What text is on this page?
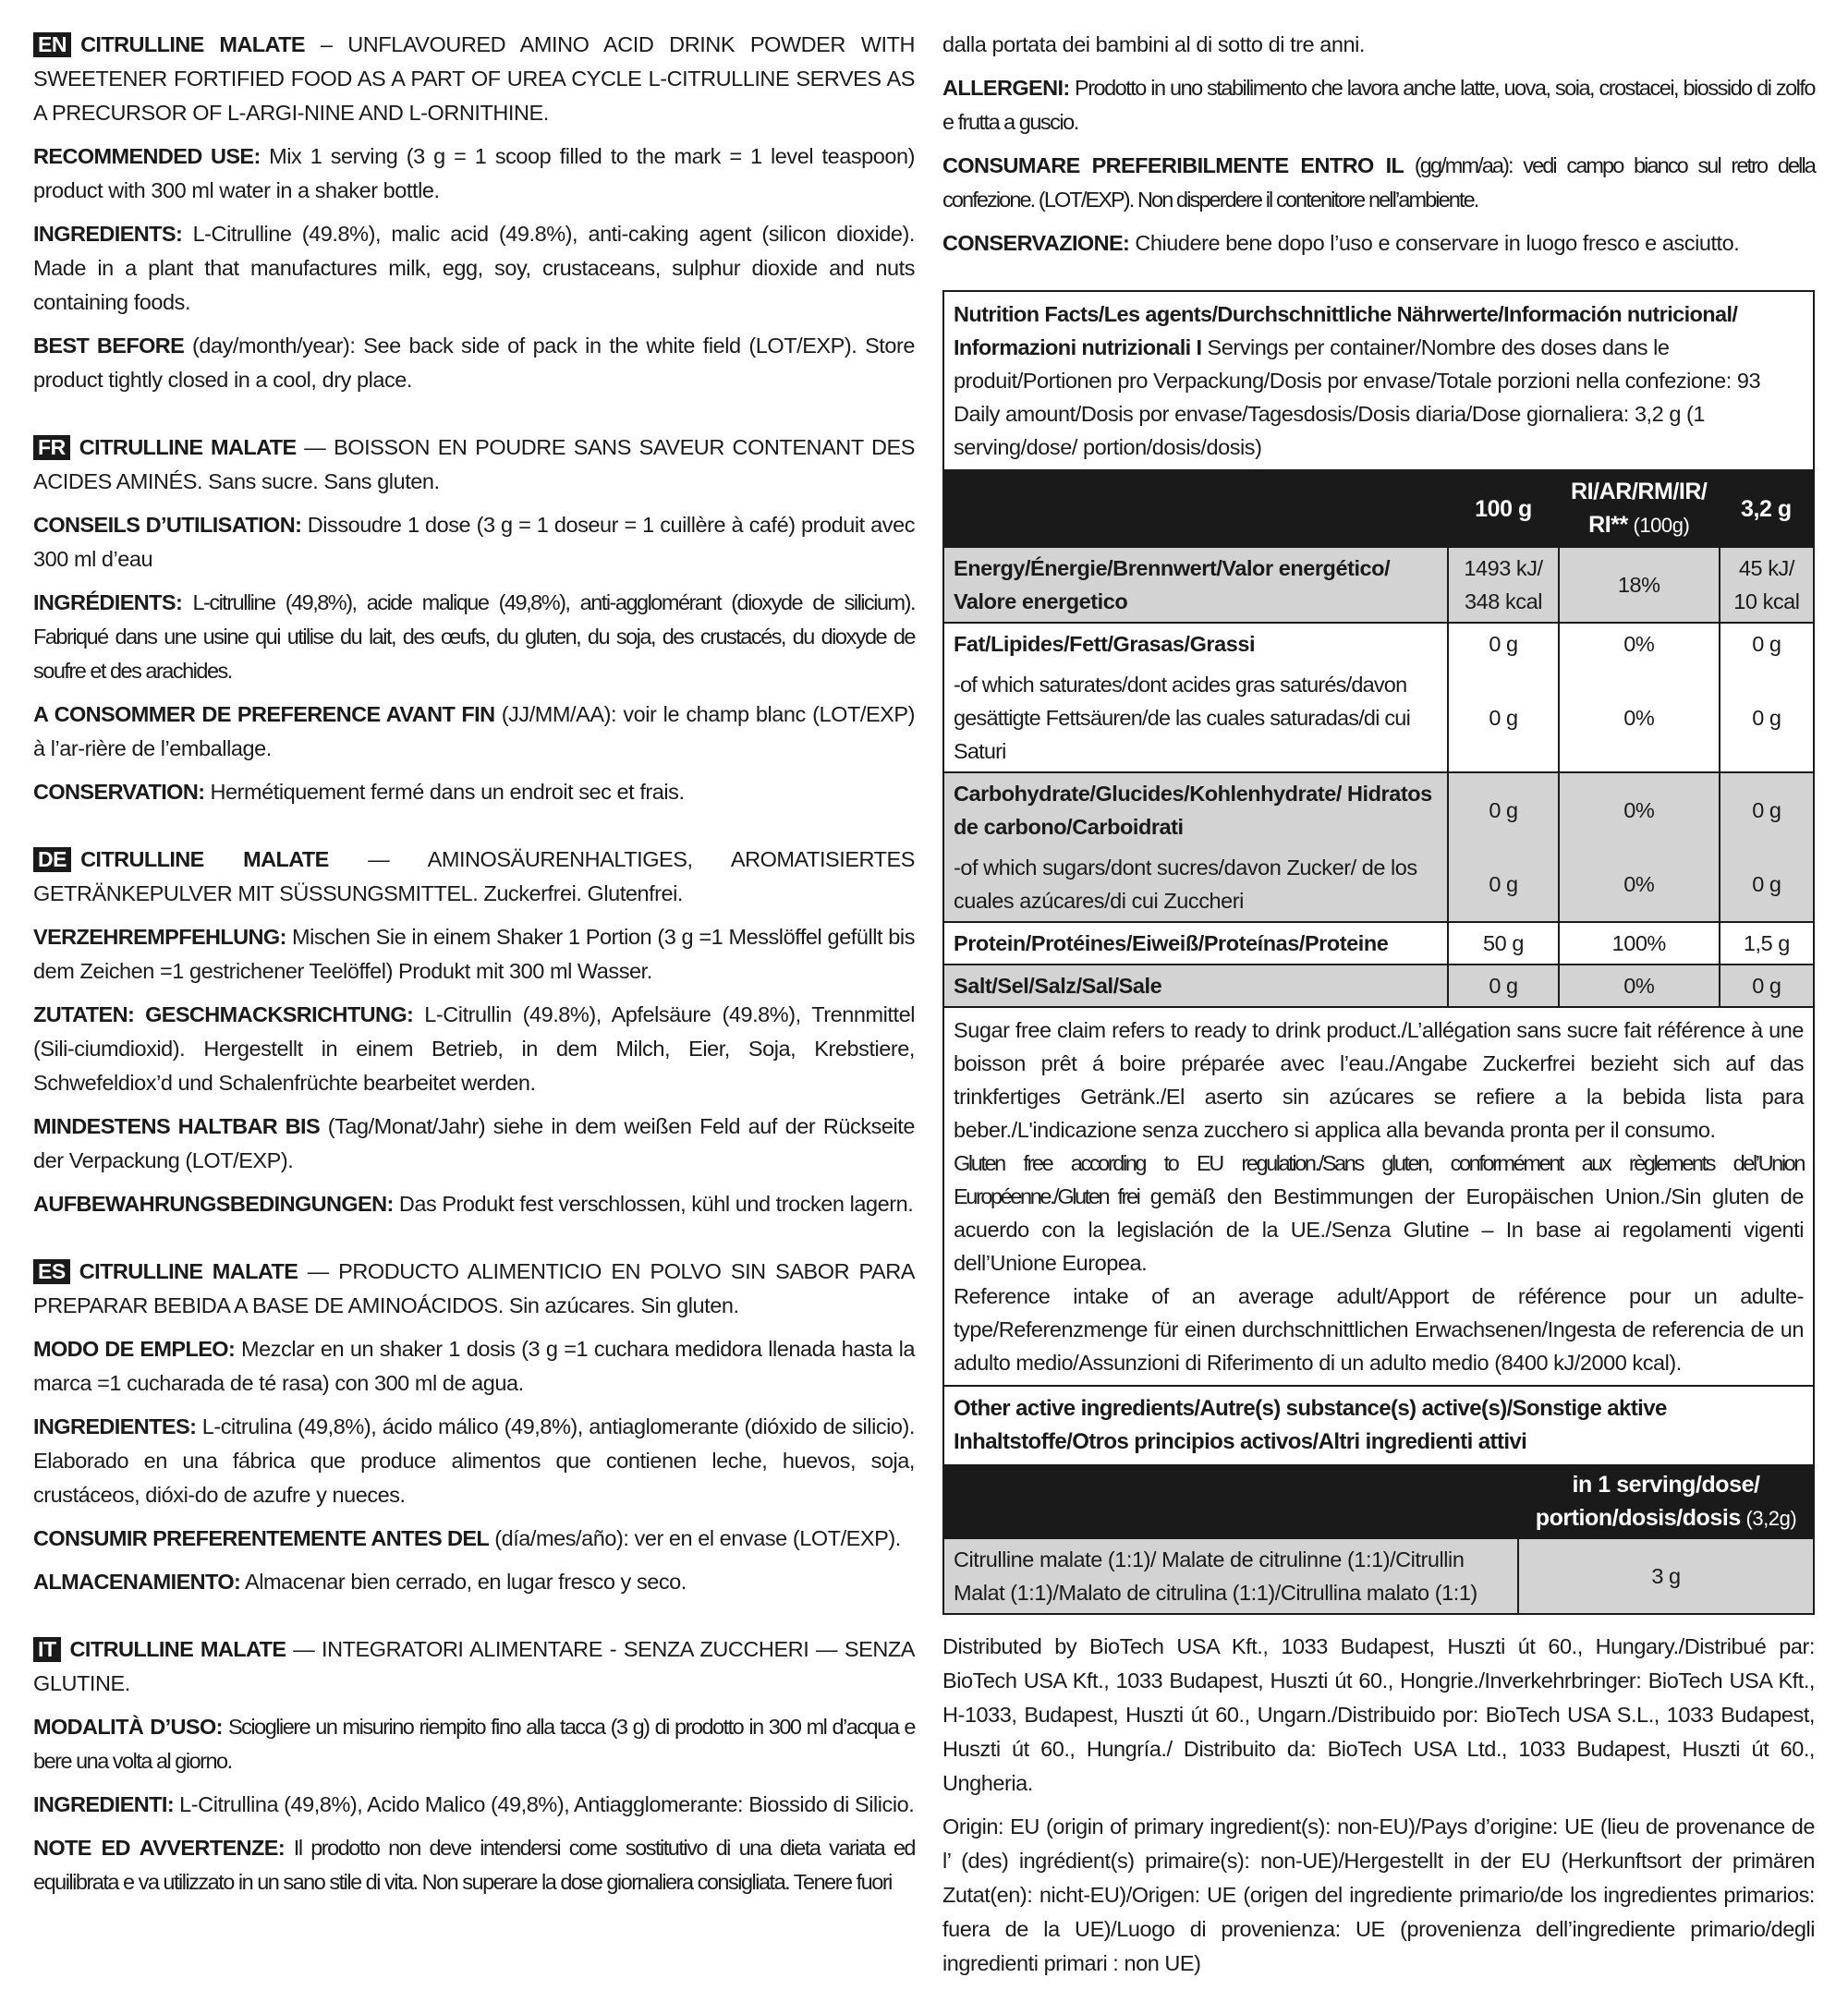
EN CITRULLINE MALATE – UNFLAVOURED AMINO ACID DRINK POWDER WITH SWEETENER FORTIFIED FOOD AS A PART OF UREA CYCLE L-CITRULLINE SERVES AS A PRECURSOR OF L-ARGI-NINE AND L-ORNITHINE.

RECOMMENDED USE: Mix 1 serving (3 g = 1 scoop filled to the mark = 1 level teaspoon) product with 300 ml water in a shaker bottle.

INGREDIENTS: L-Citrulline (49.8%), malic acid (49.8%), anti-caking agent (silicon dioxide). Made in a plant that manufactures milk, egg, soy, crustaceans, sulphur dioxide and nuts containing foods.

BEST BEFORE (day/month/year): See back side of pack in the white field (LOT/EXP). Store product tightly closed in a cool, dry place.

FR CITRULLINE MALATE — BOISSON EN POUDRE SANS SAVEUR CONTENANT DES ACIDES AMINÉS. Sans sucre. Sans gluten.

CONSEILS D’UTILISATION: Dissoudre 1 dose (3 g = 1 doseur = 1 cuillère à café) produit avec 300 ml d’eau

INGRÉDIENTS: L-citrulline (49,8%), acide malique (49,8%), anti-agglomérant (dioxyde de silicium). Fabriqué dans une usine qui utilise du lait, des œufs, du gluten, du soja, des crustacés, du dioxyde de soufre et des arachides.

A CONSOMMER DE PREFERENCE AVANT FIN (JJ/MM/AA): voir le champ blanc (LOT/EXP) à l’ar-rière de l’emballage.

CONSERVATION: Hermétiquement fermé dans un endroit sec et frais.

DE CITRULLINE MALATE — AMINOSÄURENHALTIGES, AROMATISIERTES GETRÄNKEPULVER MIT SÜSSUNGSMITTEL. Zuckerfrei. Glutenfrei.

VERZEHREMPFEHLUNG: Mischen Sie in einem Shaker 1 Portion (3 g =1 Messlöffel gefüllt bis dem Zeichen =1 gestrichener Teelöffel) Produkt mit 300 ml Wasser.

ZUTATEN: GESCHMACKSRICHTUNG: L-Citrullin (49.8%), Apfelsäure (49.8%), Trennmittel (Sili-ciumdioxid). Hergestellt in einem Betrieb, in dem Milch, Eier, Soja, Krebstiere, Schwefeldiox’d und Schalenfrüchte bearbeitet werden.

MINDESTENS HALTBAR BIS (Tag/Monat/Jahr) siehe in dem weißen Feld auf der Rückseite der Verpackung (LOT/EXP).

AUFBEWAHRUNGSBEDINGUNGEN: Das Produkt fest verschlossen, kühl und trocken lagern.

ES CITRULLINE MALATE — PRODUCTO ALIMENTICIO EN POLVO SIN SABOR PARA PREPARAR BEBIDA A BASE DE AMINOÁCIDOS. Sin azúcares. Sin gluten.

MODO DE EMPLEO: Mezclar en un shaker 1 dosis (3 g =1 cuchara medidora llenada hasta la marca =1 cucharada de té rasa) con 300 ml de agua.

INGREDIENTES: L-citrulina (49,8%), ácido málico (49,8%), antiaglomerante (dióxido de silicio). Elaborado en una fábrica que produce alimentos que contienen leche, huevos, soja, crustáceos, dióxi-do de azufre y nueces.

CONSUMIR PREFERENTEMENTE ANTES DEL (día/mes/año): ver en el envase (LOT/EXP).

ALMACENAMIENTO: Almacenar bien cerrado, en lugar fresco y seco.

IT CITRULLINE MALATE — INTEGRATORI ALIMENTARE - SENZA ZUCCHERI — SENZA GLUTINE.

MODALITÀ D’USO: Sciogliere un misurino riempito fino alla tacca (3 g) di prodotto in 300 ml d’acqua e bere una volta al giorno.

INGREDIENTI: L-Citrullina (49,8%), Acido Malico (49,8%), Antiagglomerante: Biossido di Silicio.

NOTE ED AVVERTENZE: Il prodotto non deve intendersi come sostitutivo di una dieta variata ed equilibrata e va utilizzato in un sano stile di vita. Non superare la dose giornaliera consigliata. Tenere fuori

dalla portata dei bambini al di sotto di tre anni.

ALLERGENI: Prodotto in uno stabilimento che lavora anche latte, uova, soia, crostacei, biossido di zolfo e frutta a guscio.

CONSUMARE PREFERIBILMENTE ENTRO IL (gg/mm/aa): vedi campo bianco sul retro della confezione. (LOT/EXP). Non disperdere il contenitore nell’ambiente.

CONSERVAZIONE: Chiudere bene dopo l’uso e conservare in luogo fresco e asciutto.

Nutrition Facts/Les agents/Durchschnittliche Nährwerte/Información nutricional/ Informazioni nutrizionali I Servings per container/Nombre des doses dans le produit/Portionen pro Verpackung/Dosis por envase/Totale porzioni nella confezione: 93
Daily amount/Dosis por envase/Tagesdosis/Dosis diaria/Dose giornaliera: 3,2 g (1 serving/dose/ portion/dosis/dosis)
	100 g	RI/AR/RM/IR/ RI** (100g)	3,2 g
Energy/Énergie/Brennwert/Valor energético/ Valore energetico	1493 kJ/ 348 kcal	18%	45 kJ/ 10 kcal
Fat/Lipides/Fett/Grasas/Grassi	0 g	0%	0 g
-of which saturates/dont acides gras saturés/davon gesättigte Fettsäuren/de las cuales saturadas/di cui Saturi	0 g	0%	0 g
Carbohydrate/Glucides/Kohlenhydrate/ Hidratos de carbono/Carboidrati	0 g	0%	0 g
-of which sugars/dont sucres/davon Zucker/ de los cuales azúcares/di cui Zuccheri	0 g	0%	0 g
Protein/Protéines/Eiweiß/Proteínas/Proteine	50 g	100%	1,5 g
Salt/Sel/Salz/Sal/Sale	0 g	0%	0 g
Sugar free claim refers to ready to drink product./L’allégation sans sucre fait référence à une boisson prêt á boire préparée avec l’eau./Angabe Zuckerfrei bezieht sich auf das trinkfertiges Getränk./El aserto sin azúcares se refiere a la bebida lista para beber./L'indicazione senza zucchero si applica alla bevanda pronta per il consumo.
Gluten free according to EU regulation./Sans gluten, conformément aux règlements del’Union Européenne./Gluten frei gemäß den Bestimmungen der Europäischen Union./Sin gluten de acuerdo con la legislación de la UE./Senza Glutine – In base ai regolamenti vigenti dell’Unione Europea.
Reference intake of an average adult/Apport de référence pour un adulte-type/Referenzmenge für einen durchschnittlichen Erwachsenen/Ingesta de referencia de un adulto medio/Assunzioni di Riferimento di un adulto medio (8400 kJ/2000 kcal).
Other active ingredients/Autre(s) substance(s) active(s)/Sonstige aktive Inhaltstoffe/Otros principios activos/Altri ingredienti attivi
	in 1 serving/dose/ portion/dosis/dosis (3,2g)
Citrulline malate (1:1)/ Malate de citrulinne (1:1)/Citrullin Malat (1:1)/Malato de citrulina (1:1)/Citrullina malato (1:1)	3 g

Distributed by BioTech USA Kft., 1033 Budapest, Huszti út 60., Hungary./Distribué par: BioTech USA Kft., 1033 Budapest, Huszti út 60., Hongrie./Inverkehrbringer: BioTech USA Kft., H-1033, Budapest, Huszti út 60., Ungarn./Distribuido por: BioTech USA S.L., 1033 Budapest, Huszti út 60., Hungría./ Distribuito da: BioTech USA Ltd., 1033 Budapest, Huszti út 60., Ungheria.

Origin: EU (origin of primary ingredient(s): non-EU)/Pays d’origine: UE (lieu de provenance de l’ (des) ingrédient(s) primaire(s): non-UE)/Hergestellt in der EU (Herkunftsort der primären Zutat(en): nicht-EU)/Origen: UE (origen del ingrediente primario/de los ingredientes primarios: fuera de la UE)/Luogo di provenienza: UE (provenienza dell’ingrediente primario/degli ingredienti primari : non UE)
